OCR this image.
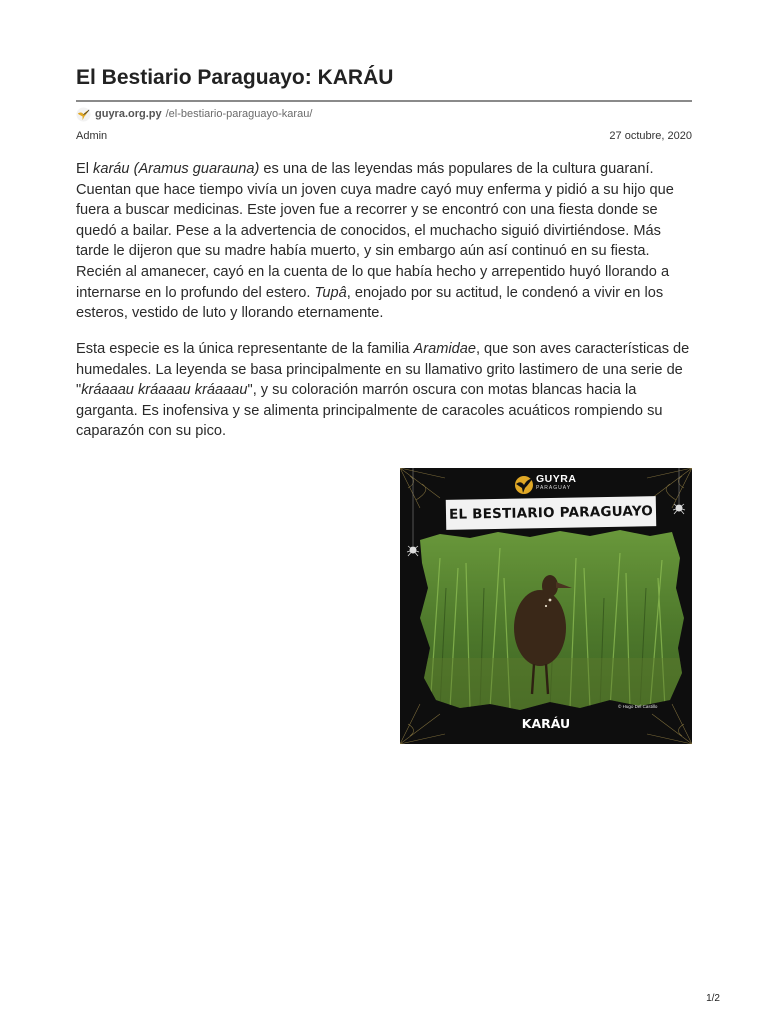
El Bestiario Paraguayo: KARÁU
guyra.org.py /el-bestiario-paraguayo-karau/
Admin	27 octubre, 2020

El karáu (Aramus guarauna) es una de las leyendas más populares de la cultura guaraní. Cuentan que hace tiempo vivía un joven cuya madre cayó muy enferma y pidió a su hijo que fuera a buscar medicinas. Este joven fue a recorrer y se encontró con una fiesta donde se quedó a bailar. Pese a la advertencia de conocidos, el muchacho siguió divirtiéndose. Más tarde le dijeron que su madre había muerto, y sin embargo aún así continuó en su fiesta. Recién al amanecer, cayó en la cuenta de lo que había hecho y arrepentido huyó llorando a internarse en lo profundo del estero. Tupâ, enojado por su actitud, le condenó a vivir en los esteros, vestido de luto y llorando eternamente.

Esta especie es la única representante de la familia Aramidae, que son aves características de humedales. La leyenda se basa principalmente en su llamativo grito lastimero de una serie de "kráaaau kráaaau kráaaau", y su coloración marrón oscura con motas blancas hacia la garganta. Es inofensiva y se alimenta principalmente de caracoles acuáticos rompiendo su caparazón con su pico.

GUYRA
PARAGUAY
EL BESTIARIO PARAGUAYO
© Hugo Del Castillo
KARÁU
1/2
